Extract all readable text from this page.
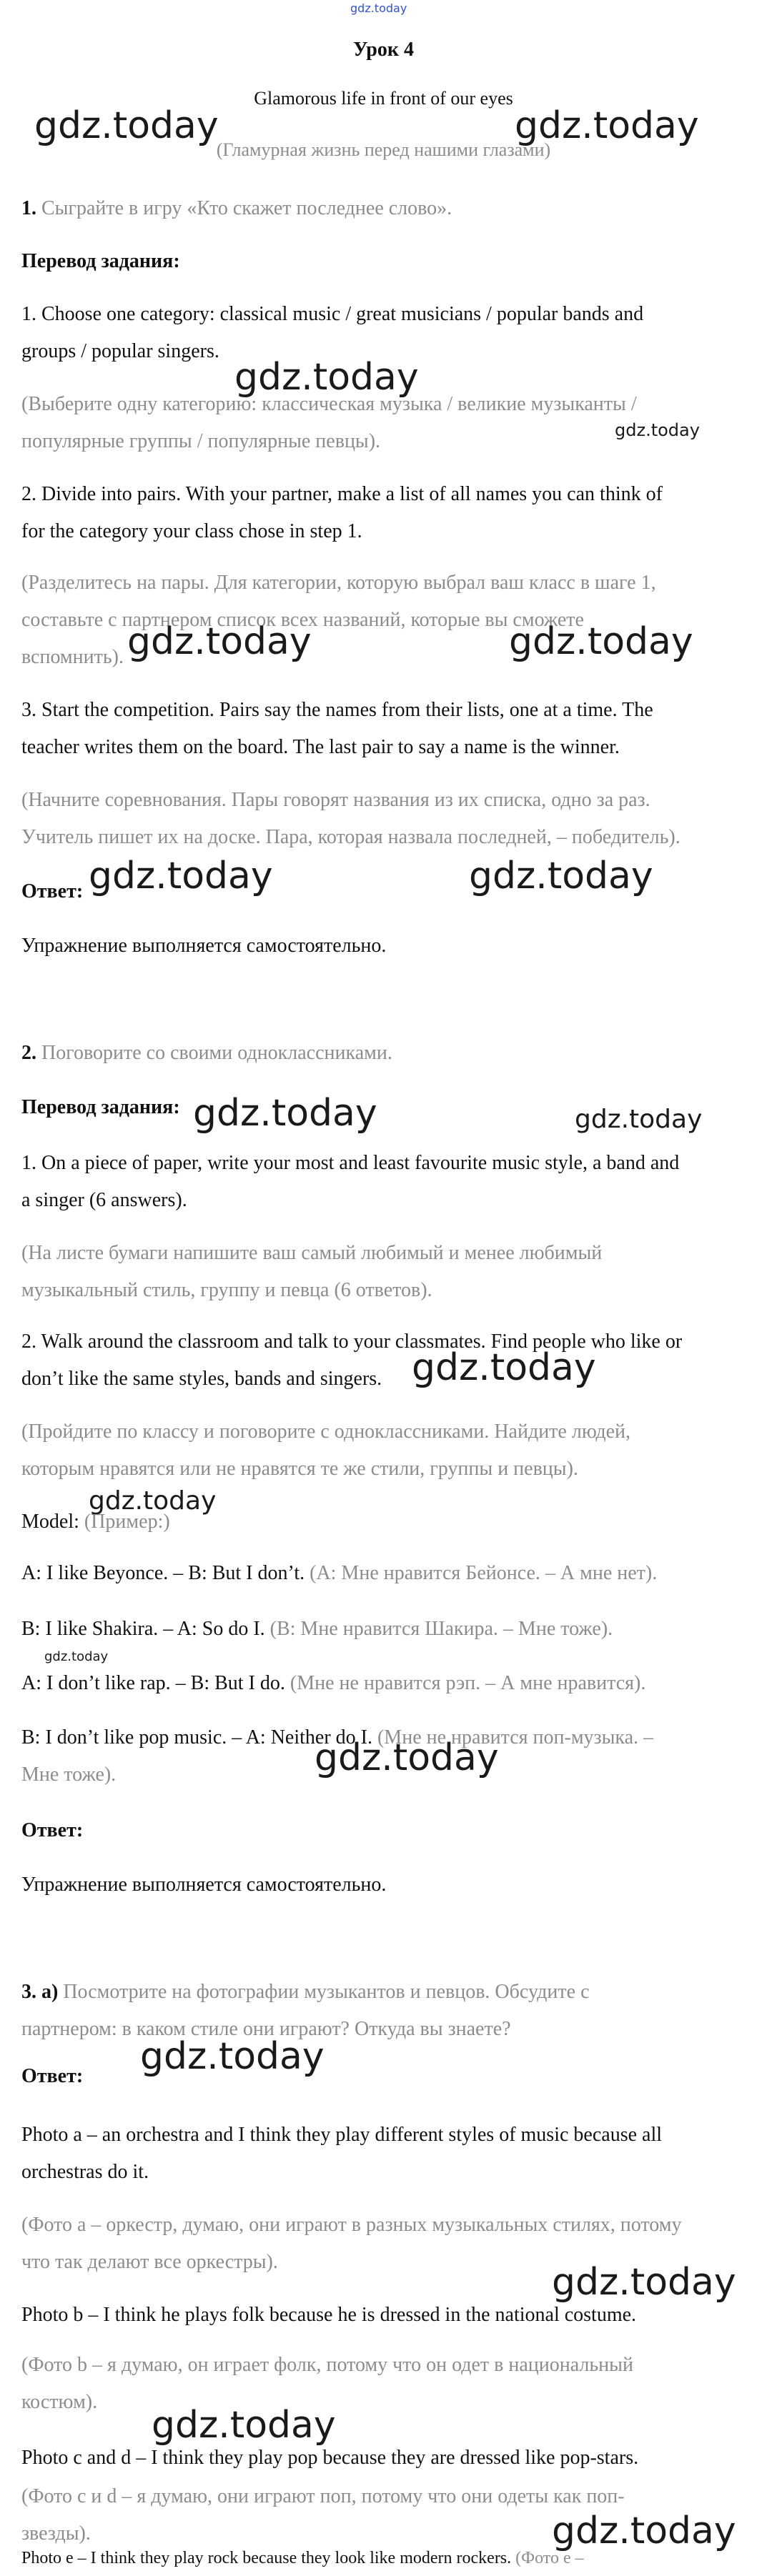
gdz.today
Урок 4
Glamorous life in front of our eyes
(Гламурная жизнь перед нашими глазами)
gdz.today	gdz.today
1. Сыграйте в игру «Кто скажет последнее слово».
Перевод задания:
1. Choose one category: classical music / great musicians / popular bands and
groups / popular singers.
gdz.today
(Выберите одну категорию: классическая музыка / великие музыканты /
gdz.today
популярные группы / популярные певцы).
2. Divide into pairs. With your partner, make a list of all names you can think of
for the category your class chose in step 1.
(Разделитесь на пары. Для категории, которую выбрал ваш класс в шаге 1,
составьте с партнером список всех названий, которые вы сможете
вспомнить). gdz.today	gdz.today
3. Start the competition. Pairs say the names from their lists, one at a time. The
teacher writes them on the board. The last pair to say a name is the winner.
(Начните соревнования. Пары говорят названия из их списка, одно за раз.
Учитель пишет их на доске. Пара, которая назвала последней, – победитель).
Ответ: gdz.today	gdz.today
Упражнение выполняется самостоятельно.
2. Поговорите со своими одноклассниками.
Перевод задания: gdz.today	gdz.today
1. On a piece of paper, write your most and least favourite music style, a band and
a singer (6 answers).
(На листе бумаги напишите ваш самый любимый и менее любимый
музыкальный стиль, группу и певца (6 ответов).
2. Walk around the classroom and talk to your classmates. Find people who like or
don’t like the same styles, bands and singers. gdz.today
(Пройдите по классу и поговорите с одноклассниками. Найдите людей,
которым нравятся или не нравятся те же стили, группы и певцы).
gdz.today
Model: (Пример:)
A: I like Beyonce. – B: But I don’t. (А: Мне нравится Бейонсе. – А мне нет).
B: I like Shakira. – A: So do I. (В: Мне нравится Шакира. – Мне тоже).
gdz.today
A: I don’t like rap. – B: But I do. (Мне не нравится рэп. – А мне нравится).
B: I don’t like pop music. – A: Neither do I. (Мне не нравится поп-музыка. –
Мне тоже).	gdz.today
Ответ:
Упражнение выполняется самостоятельно.
3. а) Посмотрите на фотографии музыкантов и певцов. Обсудите с
партнером: в каком стиле они играют? Откуда вы знаете?
Ответ: gdz.today
Photo a – an orchestra and I think they play different styles of music because all
orchestras do it.
(Фото а – оркестр, думаю, они играют в разных музыкальных стилях, потому
что так делают все оркестры).	gdz.today
Photo b – I think he plays folk because he is dressed in the national costume.
(Фото b – я думаю, он играет фолк, потому что он одет в национальный
костюм).
gdz.today
Photo c and d – I think they play pop because they are dressed like pop-stars.
(Фото c и d – я думаю, они играют поп, потому что они одеты как поп-
звезды).	gdz.today
Photo e – I think they play rock because they look like modern rockers. (Фото e –
